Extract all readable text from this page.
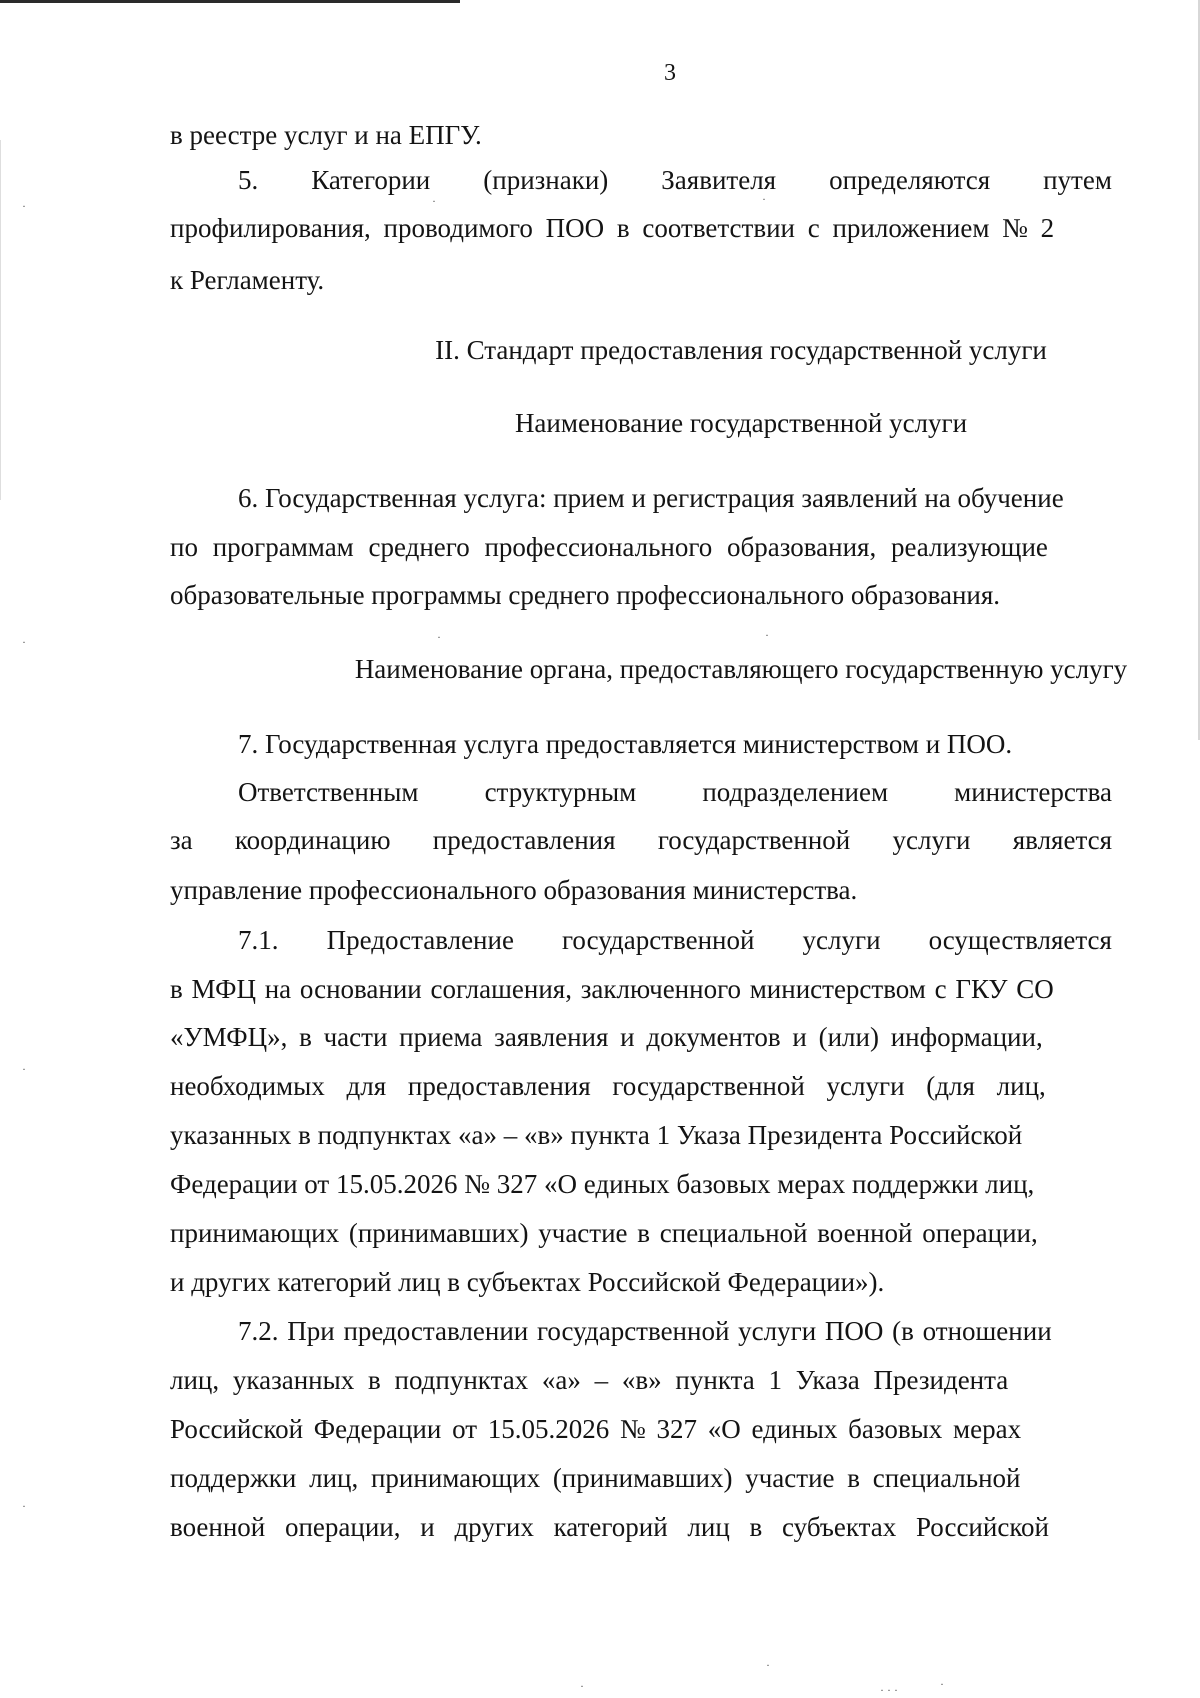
3
в реестре услуг и на ЕПГУ.
5. Категории (признаки) Заявителя определяются путем
профилирования, проводимого ПОО в соответствии с приложением № 2
к Регламенту.
II. Стандарт предоставления государственной услуги
Наименование государственной услуги
6. Государственная услуга: прием и регистрация заявлений на обучение
по программам среднего профессионального образования, реализующие
образовательные программы среднего профессионального образования.
Наименование органа, предоставляющего государственную услугу
7. Государственная услуга предоставляется министерством и ПОО.
Ответственным структурным подразделением министерства
за координацию предоставления государственной услуги является
управление профессионального образования министерства.
7.1. Предоставление государственной услуги осуществляется
в МФЦ на основании соглашения, заключенного министерством с ГКУ СО
«УМФЦ», в части приема заявления и документов и (или) информации,
необходимых для предоставления государственной услуги (для лиц,
указанных в подпунктах «а» – «в» пункта 1 Указа Президента Российской
Федерации от 15.05.2026 № 327 «О единых базовых мерах поддержки лиц,
принимающих (принимавших) участие в специальной военной операции,
и других категорий лиц в субъектах Российской Федерации»).
7.2. При предоставлении государственной услуги ПОО (в отношении
лиц, указанных в подпунктах «а» – «в» пункта 1 Указа Президента
Российской Федерации от 15.05.2026 № 327 «О единых базовых мерах
поддержки лиц, принимающих (принимавших) участие в специальной
военной операции, и других категорий лиц в субъектах Российской
·	·
·	·
·
·
·
·
·
· · ·	·
·
